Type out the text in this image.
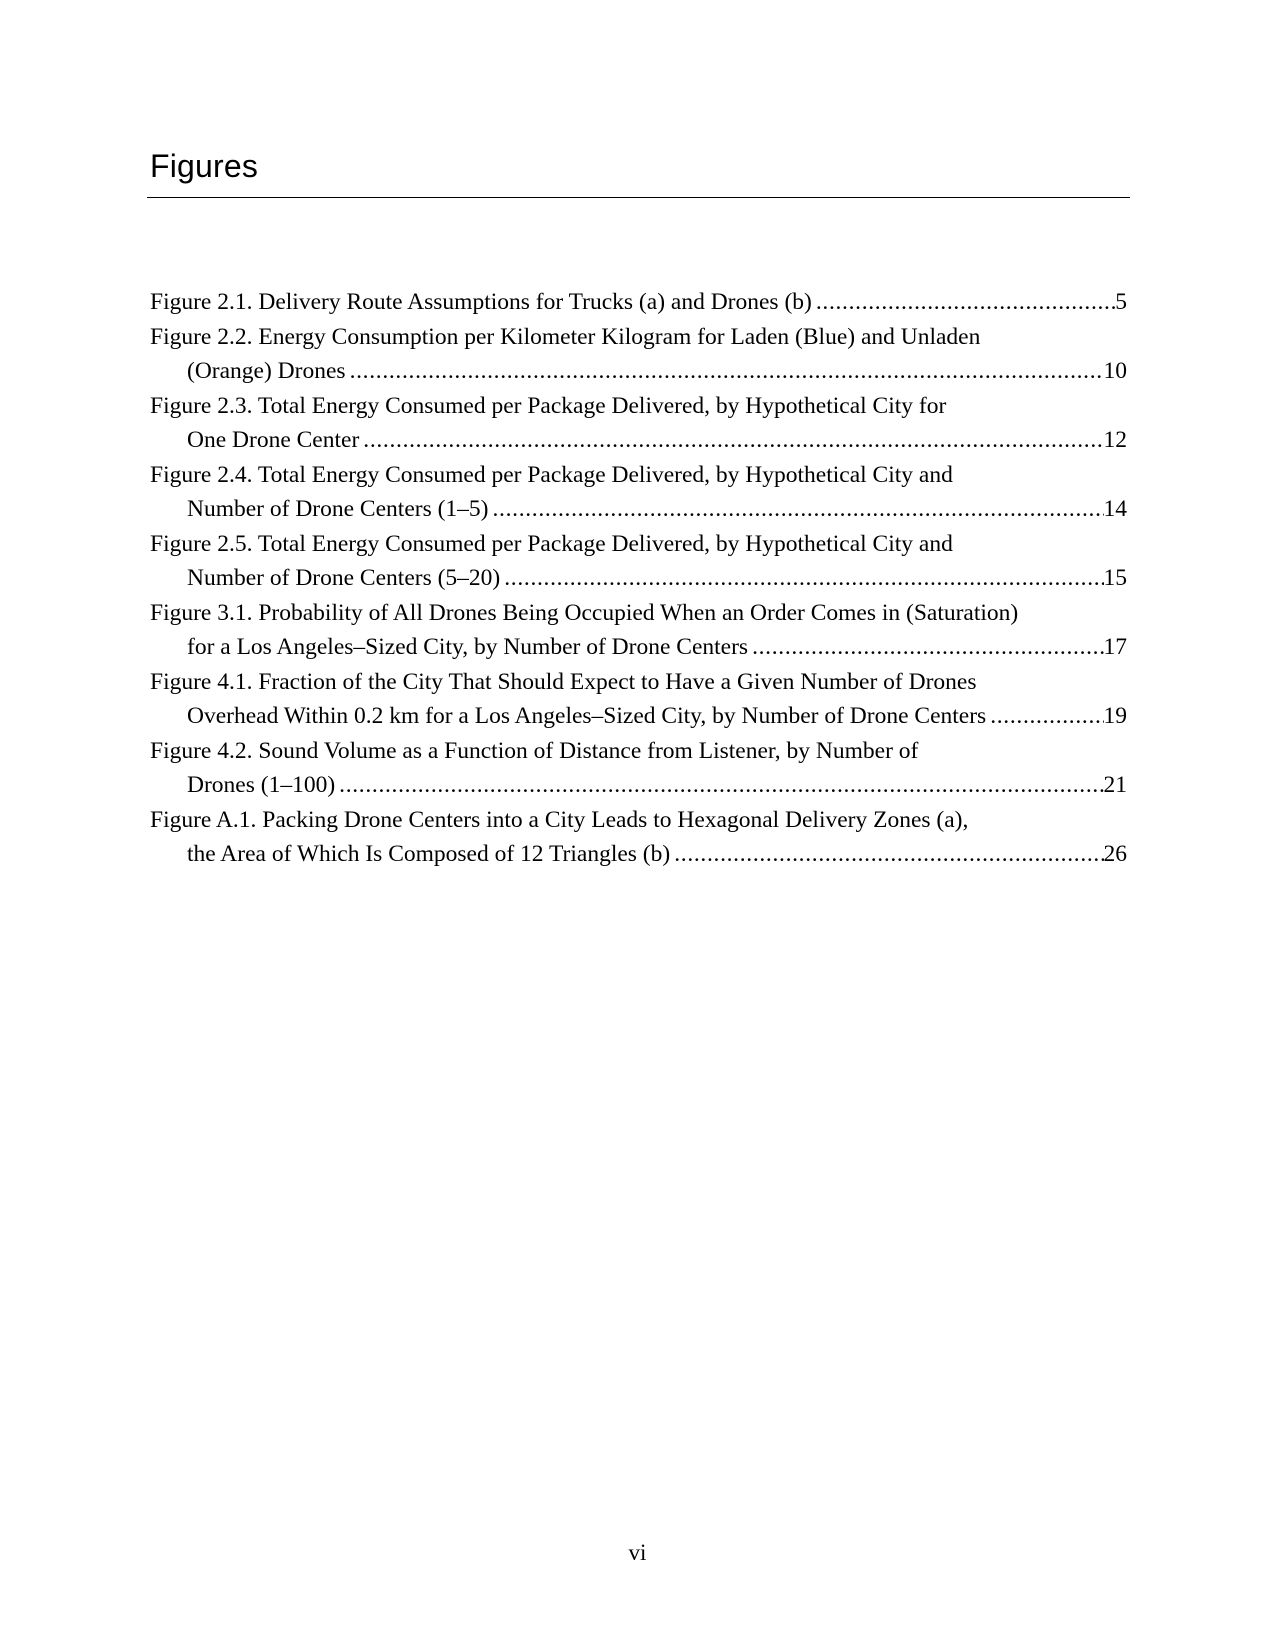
Figures
Figure 2.1. Delivery Route Assumptions for Trucks (a) and Drones (b) . . .	5
Figure 2.2. Energy Consumption per Kilometer Kilogram for Laden (Blue) and Unladen
(Orange) Drones . . .	10
Figure 2.3. Total Energy Consumed per Package Delivered, by Hypothetical City for
One Drone Center . . .	12
Figure 2.4. Total Energy Consumed per Package Delivered, by Hypothetical City and
Number of Drone Centers (1–5) . . .	14
Figure 2.5. Total Energy Consumed per Package Delivered, by Hypothetical City and
Number of Drone Centers (5–20) . . .	15
Figure 3.1. Probability of All Drones Being Occupied When an Order Comes in (Saturation)
for a Los Angeles–Sized City, by Number of Drone Centers . . .	17
Figure 4.1. Fraction of the City That Should Expect to Have a Given Number of Drones
Overhead Within 0.2 km for a Los Angeles–Sized City, by Number of Drone Centers . . .	19
Figure 4.2. Sound Volume as a Function of Distance from Listener, by Number of
Drones (1–100) . . .	21
Figure A.1. Packing Drone Centers into a City Leads to Hexagonal Delivery Zones (a),
the Area of Which Is Composed of 12 Triangles (b) . . .	26
vi
